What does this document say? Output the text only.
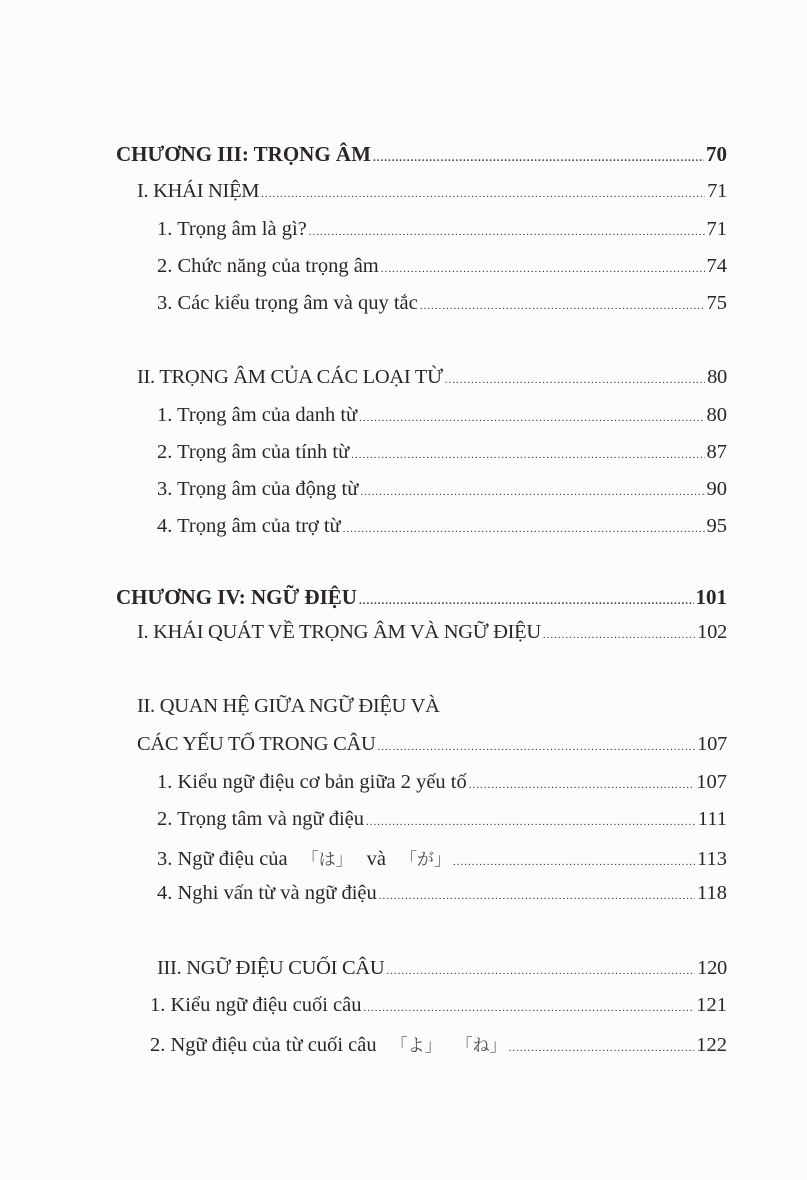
CHƯƠNG III: TRỌNG ÂM .....	70
I. KHÁI NIỆM .....	71
1. Trọng âm là gì? .....	71
2. Chức năng của trọng âm .....	74
3. Các kiểu trọng âm và quy tắc .....	75
II. TRỌNG ÂM CỦA CÁC LOẠI TỪ .....	80
1. Trọng âm của danh từ .....	80
2. Trọng âm của tính từ .....	87
3. Trọng âm của động từ .....	90
4. Trọng âm của trợ từ .....	95
CHƯƠNG IV: NGỮ ĐIỆU .....	101
I. KHÁI QUÁT VỀ TRỌNG ÂM VÀ NGỮ ĐIỆU .....	102
II. QUAN HỆ GIỮA NGỮ ĐIỆU VÀ
CÁC YẾU TỐ TRONG CÂU .....	107
1. Kiểu ngữ điệu cơ bản giữa 2 yếu tố .....	107
2. Trọng tâm và ngữ điệu .....	111
3. Ngữ điệu của 「は」 và 「が」 .....	113
4. Nghi vấn từ và ngữ điệu .....	118
III. NGỮ ĐIỆU CUỐI CÂU .....	120
1. Kiểu ngữ điệu cuối câu .....	121
2. Ngữ điệu của từ cuối câu 「よ」 「ね」 .....	122
